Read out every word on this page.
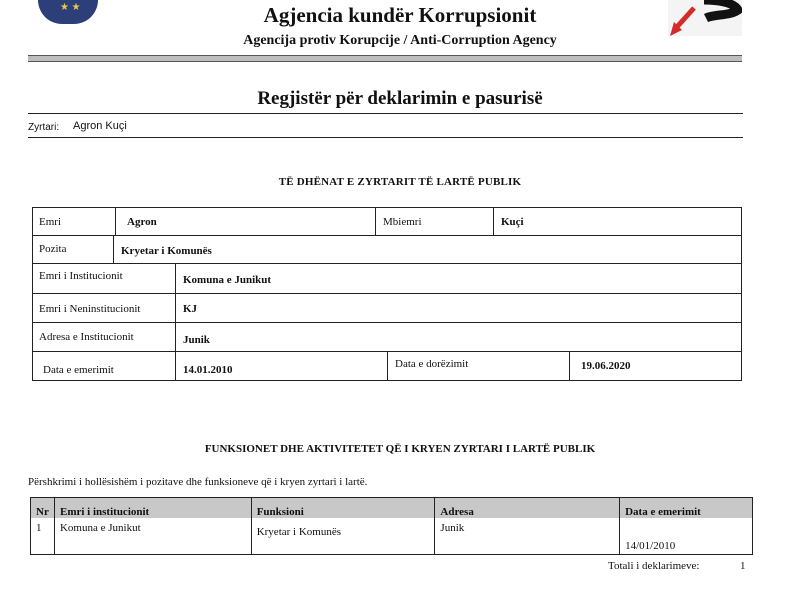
★ ★	Agjencia kundër Korrupsionit
Agencija protiv Korupcije / Anti-Corruption Agency
Regjistër për deklarimin e pasurisë
Zyrtari: Agron Kuçi
TË DHËNAT E ZYRTARIT TË LARTË PUBLIK
Emri	Agron	Mbiemri	Kuçi
Pozita	Kryetar i Komunës
Emri i Institucionit	Komuna e Junikut
Emri i Neninstitucionit	KJ
Adresa e Institucionit	Junik
Data e emerimit	14.01.2010	Data e dorëzimit	19.06.2020
FUNKSIONET DHE AKTIVITETET QË I KRYEN ZYRTARI I LARTË PUBLIK
Përshkrimi i hollësishëm i pozitave dhe funksioneve që i kryen zyrtari i lartë.
Nr	Emri i institucionit	Funksioni	Adresa	Data e emerimit
1	Komuna e Junikut	Kryetar i Komunës	Junik	14/01/2010
Totali i deklarimeve:	1
